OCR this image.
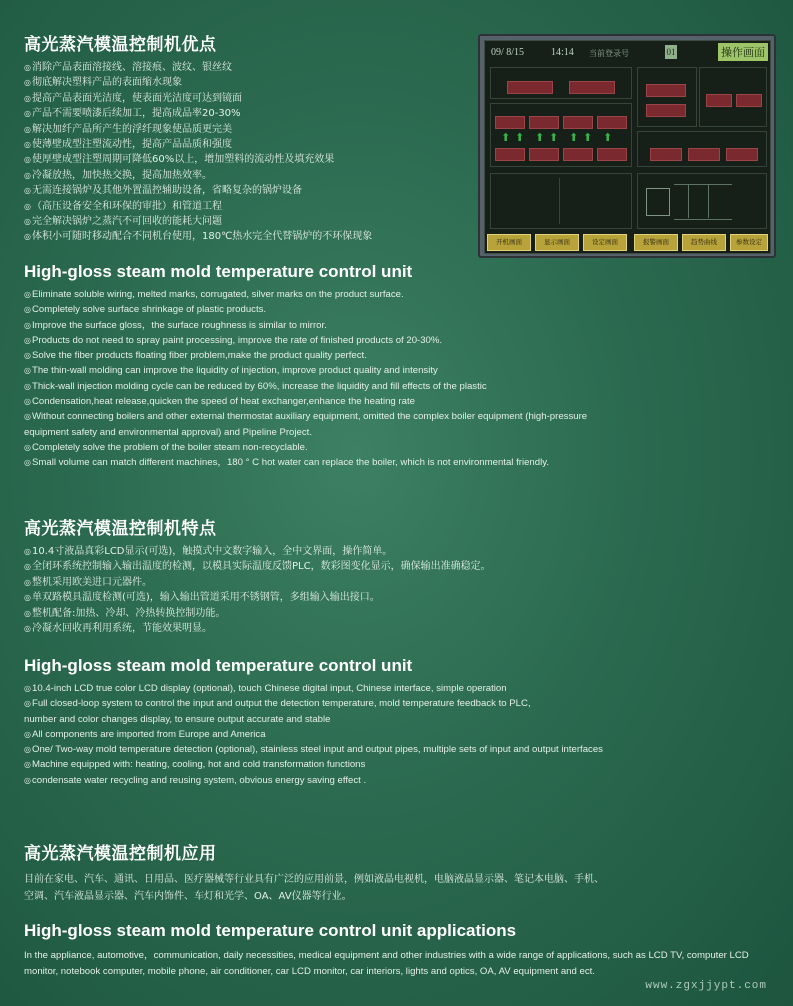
高光蒸汽模温控制机优点
◎ 消除产品表面溶接线、溶接痕、波纹、银丝纹
◎ 彻底解决塑料产品的表面缩水现象
◎ 提高产品表面光洁度，使表面光洁度可达到镜面
◎ 产品不需要喷漆后续加工，提高成品率20-30%
◎ 解决加纤产品所产生的浮纤现象使品质更完美
◎ 使薄壁成型注塑流动性，提高产品品质和强度
◎ 使厚壁成型注塑周期可降低60%以上，增加塑料的流动性及填充效果
◎ 冷凝放热，加快热交换，提高加热效率。
◎ 无需连接锅炉及其他外置温控辅助设备，省略复杂的锅炉设备
◎ （高压设备安全和环保的审批）和管道工程
◎ 完全解决锅炉之蒸汽不可回收的能耗大问题
◎ 体积小可随时移动配合不同机台使用，180℃热水完全代替锅炉的不环保现象
09/ 8/15	14:14 当前登录号	01	操作画面
⬆ ⬆ ⬆ ⬆ ⬆ ⬆ ⬆
开机画面	显示画面	设定画面	报警画面	趋势曲线	参数设定
High-gloss steam mold temperature control unit
◎ Eliminate soluble wiring, melted marks, corrugated, silver marks on the product surface.
◎ Completely solve surface shrinkage of plastic products.
◎ Improve the surface gloss，the surface roughness is similar to mirror.
◎ Products do not need to spray paint processing, improve the rate of finished products of 20-30%.
◎ Solve the fiber products floating fiber problem,make the product quality perfect.
◎ The thin-wall molding can improve the liquidity of injection, improve product quality and intensity
◎ Thick-wall injection molding cycle can be reduced by 60%, increase the liquidity and fill effects of the plastic
◎ Condensation,heat release,quicken the speed of heat exchanger,enhance the heating rate
◎ Without connecting boilers and other external thermostat auxiliary equipment, omitted the complex boiler equipment (high-pressure
equipment safety and environmental approval) and Pipeline Project.
◎ Completely solve the problem of the boiler steam non-recyclable.
◎ Small volume can match different machines，180 ° C hot water can replace the boiler, which is not environmental friendly.
高光蒸汽模温控制机特点
◎ 10.4寸液晶真彩LCD显示(可选)，触摸式中文数字输入，全中文界面，操作简单。
◎ 全闭环系统控制输入输出温度的检测，以模具实际温度反馈PLC，数彩图变化显示，确保输出准确稳定。
◎ 整机采用欧美进口元器件。
◎ 单双路模具温度检测(可选)，输入输出管道采用不锈钢管，多组输入输出接口。
◎ 整机配备:加热、冷却、冷热转换控制功能。
◎ 冷凝水回收再利用系统，节能效果明显。
High-gloss steam mold temperature control unit
◎ 10.4-inch LCD true color LCD display (optional), touch Chinese digital input, Chinese interface, simple operation
◎ Full closed-loop system to control the input and output the detection temperature, mold temperature feedback to PLC,
number and color changes display, to ensure output accurate and stable
◎ All components are imported from Europe and America
◎ One/ Two-way mold temperature detection (optional), stainless steel input and output pipes, multiple sets of input and output interfaces
◎ Machine equipped with: heating, cooling, hot and cold transformation functions
◎ condensate water recycling and reusing system, obvious energy saving effect .
高光蒸汽模温控制机应用

目前在家电、汽车、通讯、日用品、医疗器械等行业具有广泛的应用前景，例如液晶电视机，电脑液晶显示器、笔记本电脑、手机、空调、汽车液晶显示器、汽车内饰件、车灯和光学、OA、AV仪器等行业。

High-gloss steam mold temperature control unit applications

In the appliance, automotive，communication, daily necessities, medical equipment and other industries with a wide range of applications, such as LCD TV, computer LCD monitor, notebook computer, mobile phone, air conditioner, car LCD monitor, car interiors, lights and optics, OA, AV equipment and ect.

www.zgxjjypt.com
